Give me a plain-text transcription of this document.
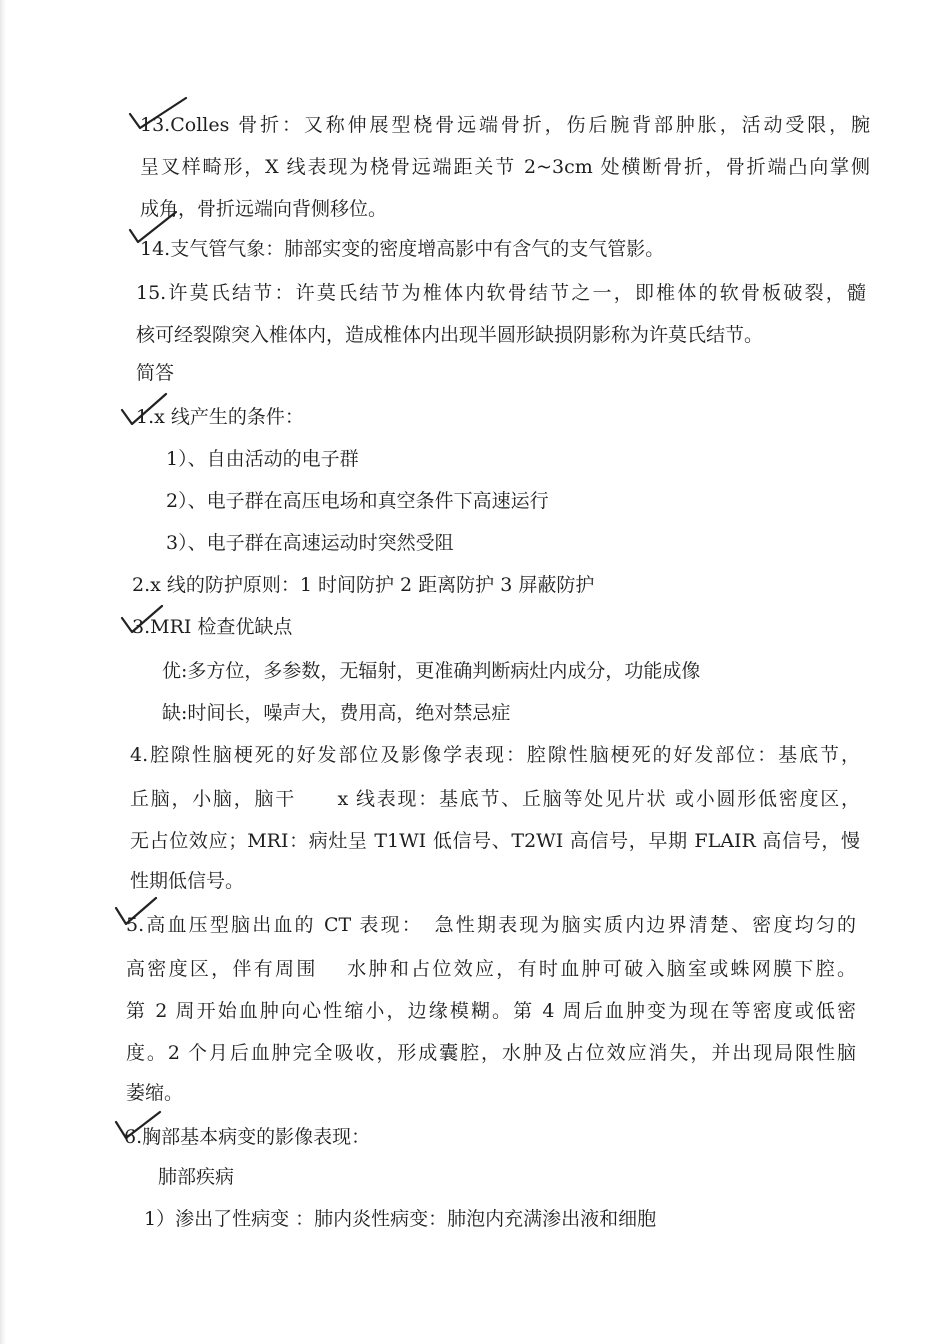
13.Colles 骨折：又称伸展型桡骨远端骨折，伤后腕背部肿胀，活动受限，腕
呈叉样畸形，X 线表现为桡骨远端距关节 2~3cm 处横断骨折，骨折端凸向掌侧
成角，骨折远端向背侧移位。
14.支气管气象：肺部实变的密度增高影中有含气的支气管影。
15.许莫氏结节：许莫氏结节为椎体内软骨结节之一，即椎体的软骨板破裂，髓
核可经裂隙突入椎体内，造成椎体内出现半圆形缺损阴影称为许莫氏结节。
简答
1.x 线产生的条件：
1）、自由活动的电子群
2）、电子群在高压电场和真空条件下高速运行
3）、电子群在高速运动时突然受阻
2.x 线的防护原则：1 时间防护 2 距离防护 3 屏蔽防护
3.MRI 检查优缺点
优:多方位，多参数，无辐射，更准确判断病灶内成分，功能成像
缺:时间长，噪声大，费用高，绝对禁忌症
4.腔隙性脑梗死的好发部位及影像学表现：腔隙性脑梗死的好发部位：基底节，
丘脑，小脑，脑干　　x 线表现：基底节、丘脑等处见片状 或小圆形低密度区，
无占位效应；MRI：病灶呈 T1WI 低信号、T2WI 高信号，早期 FLAIR 高信号，慢
性期低信号。
5.高血压型脑出血的 CT 表现：　急性期表现为脑实质内边界清楚、密度均匀的
高密度区，伴有周围　 水肿和占位效应，有时血肿可破入脑室或蛛网膜下腔。
第 2 周开始血肿向心性缩小，边缘模糊。第 4 周后血肿变为现在等密度或低密
度。2 个月后血肿完全吸收，形成囊腔，水肿及占位效应消失，并出现局限性脑
萎缩。
6.胸部基本病变的影像表现：
肺部疾病
1）渗出了性病变 ：肺内炎性病变：肺泡内充满渗出液和细胞
